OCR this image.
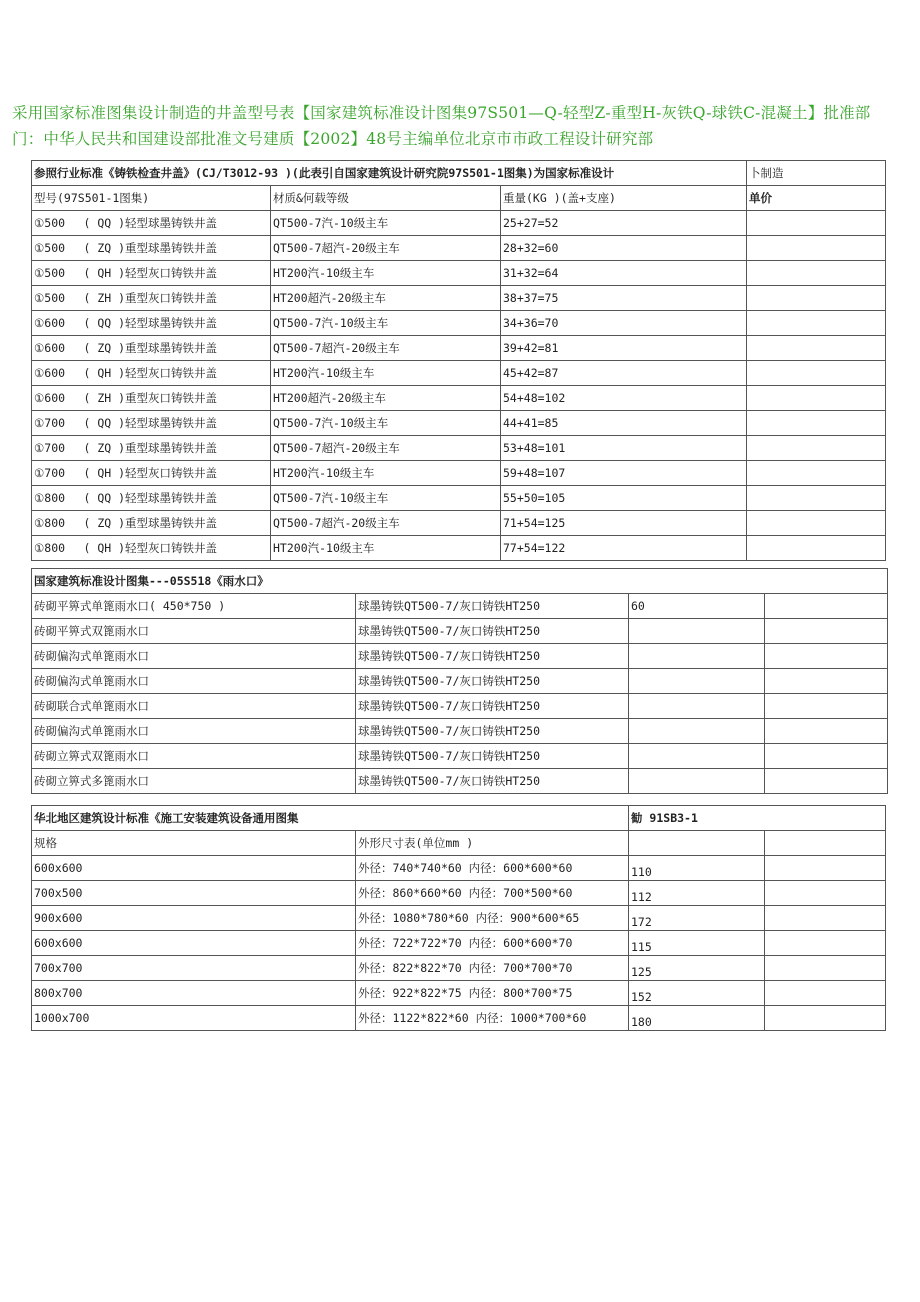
采用国家标准图集设计制造的井盖型号表【国家建筑标准设计图集97S501—Q-轻型Z-重型H-灰铁Q-球铁C-混凝土】批准部门：中华人民共和国建设部批准文号建质【2002】48号主编单位北京市市政工程设计研究部
参照行业标准《铸铁检查井盖》(CJ/T3012-93 )(此表引自国家建筑设计研究院97S501-1图集)为国家标准设计			卜制造
型号(97S501-1图集)	材质&何载等级	重量(KG )(盖+支座)	单价
①500　 ( QQ )轻型球墨铸铁井盖	QT500-7汽-10级主车	25+27=52	
①500　 ( ZQ )重型球墨铸铁井盖	QT500-7超汽-20级主车	28+32=60	
①500　 ( QH )轻型灰口铸铁井盖	HT200汽-10级主车	31+32=64	
①500　 ( ZH )重型灰口铸铁井盖	HT200超汽-20级主车	38+37=75	
①600　 ( QQ )轻型球墨铸铁井盖	QT500-7汽-10级主车	34+36=70	
①600　 ( ZQ )重型球墨铸铁井盖	QT500-7超汽-20级主车	39+42=81	
①600　 ( QH )轻型灰口铸铁井盖	HT200汽-10级主车	45+42=87	
①600　 ( ZH )重型灰口铸铁井盖	HT200超汽-20级主车	54+48=102	
①700　 ( QQ )轻型球墨铸铁井盖	QT500-7汽-10级主车	44+41=85	
①700　 ( ZQ )重型球墨铸铁井盖	QT500-7超汽-20级主车	53+48=101	
①700　 ( QH )轻型灰口铸铁井盖	HT200汽-10级主车	59+48=107	
①800　 ( QQ )轻型球墨铸铁井盖	QT500-7汽-10级主车	55+50=105	
①800　 ( ZQ )重型球墨铸铁井盖	QT500-7超汽-20级主车	71+54=125	
①800　 ( QH )轻型灰口铸铁井盖	HT200汽-10级主车	77+54=122	
国家建筑标准设计图集---05S518《雨水口》			
砖砌平箅式单篦雨水口( 450*750 )	球墨铸铁QT500-7/灰口铸铁HT250	60	
砖砌平箅式双篦雨水口	球墨铸铁QT500-7/灰口铸铁HT250		
砖砌偏沟式单篦雨水口	球墨铸铁QT500-7/灰口铸铁HT250		
砖砌偏沟式单篦雨水口	球墨铸铁QT500-7/灰口铸铁HT250		
砖砌联合式单篦雨水口	球墨铸铁QT500-7/灰口铸铁HT250		
砖砌偏沟式单篦雨水口	球墨铸铁QT500-7/灰口铸铁HT250		
砖砌立箅式双篦雨水口	球墨铸铁QT500-7/灰口铸铁HT250		
砖砌立箅式多篦雨水口	球墨铸铁QT500-7/灰口铸铁HT250		
华北地区建筑设计标准《施工安装建筑设备通用图集		勧 91SB3-1	
规格	外形尺寸表(单位mm )		
600x600	外径：740*740*60 内径：600*600*60	110	
700x500	外径：860*660*60 内径：700*500*60	112	
900x600	外径：1080*780*60 内径：900*600*65	172	
600x600	外径：722*722*70 内径：600*600*70	115	
700x700	外径：822*822*70 内径：700*700*70	125	
800x700	外径：922*822*75 内径：800*700*75	152	
1000x700	外径：1122*822*60 内径：1000*700*60	180	
